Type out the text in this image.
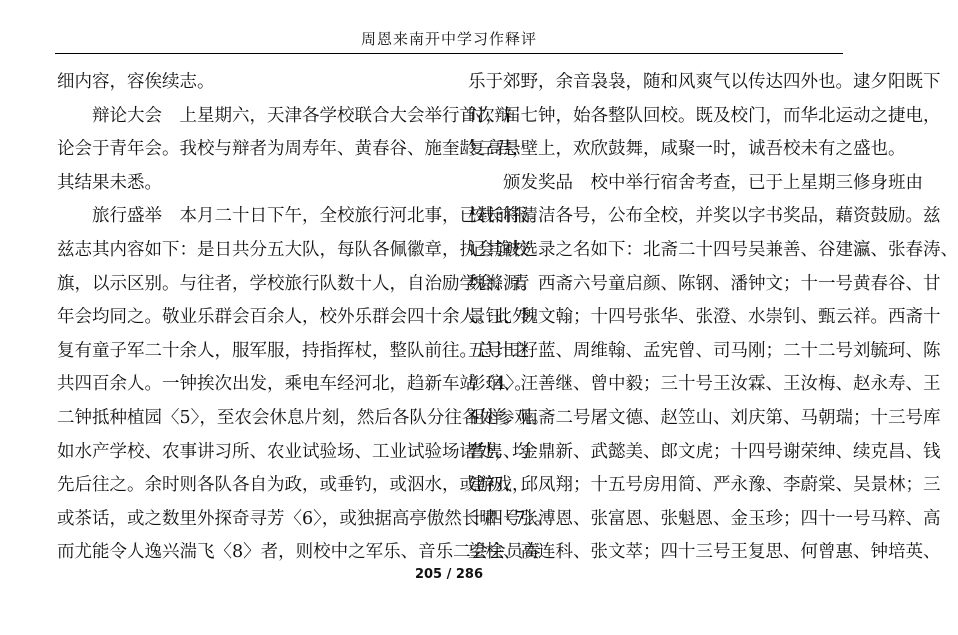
周恩来南开中学习作释评
细内容，容俟续志。
　　辩论大会　上星期六，天津各学校联合大会举行首次辩
论会于青年会。我校与辩者为周寿年、黄春谷、施奎龄三君，
其结果未悉。
　　旅行盛举　本月二十日下午，全校旅行河北事，已载前报。
兹志其内容如下：是日共分五大队，每队各佩徽章，执会旗校
旗，以示区别。与往者，学校旅行队数十人，自治励学会、青
年会均同之。敬业乐群会百余人，校外乐群会四十余人。此外
复有童子军二十余人，服军服，持指挥杖，整队前往。总计之
共四百余人。一钟挨次出发，乘电车经河北，趋新车站〈4〉。
二钟抵种植园〈5〉，至农会休息片刻，然后各队分往各处参观。
如水产学校、农事讲习所、农业试验场、工业试验场诸处，均
先后往之。余时则各队各自为政，或垂钓，或泅水，或游戏，
或茶话，或之数里外探奇寻芳〈6〉，或独据高亭傲然长啸〈7〉。
而尤能令人逸兴湍飞〈8〉者，则校中之军乐、音乐二会会员奏
乐于郊野，余音袅袅，随和风爽气以传达四外也。逮夕阳既下
时，届七钟，始各整队回校。既及校门，而华北运动之捷电，
复高悬壁上，欢欣鼓舞，咸聚一时，诚吾校未有之盛也。
　　颁发奖品　校中举行宿舍考查，已于上星期三修身班由
校长将清洁各号，公布全校，并奖以字书奖品，藉资鼓励。兹
记其被选录之名如下：北斋二十四号吴兼善、谷建瀛、张春涛、
魏滌源。西斋六号童启颜、陈钢、潘钟文；十一号黄春谷、甘
景钰、魏文翰；十四号张华、张澄、水崇钊、甄云祥。西斋十
五号田籽蓝、周维翰、孟宪曾、司马刚；二十二号刘毓珂、陈
彰琯、汪善继、曾中毅；三十号王汝霖、王汝梅、赵永寿、王
祖祥。南斋二号屠文德、赵笠山、刘庆第、马朝瑞；十三号库
耆隽、金鼎新、武懿美、郎文虎；十四号谢荣绅、续克昌、钱
建初、邱凤翔；十五号房用简、严永豫、李蔚棠、吴景林；三
十四号张溥恩、张富恩、张魁恩、金玉珍；四十一号马粹、高
望柱、高连科、张文萃；四十三号王复思、何曾惠、钟培英、
205 / 286
